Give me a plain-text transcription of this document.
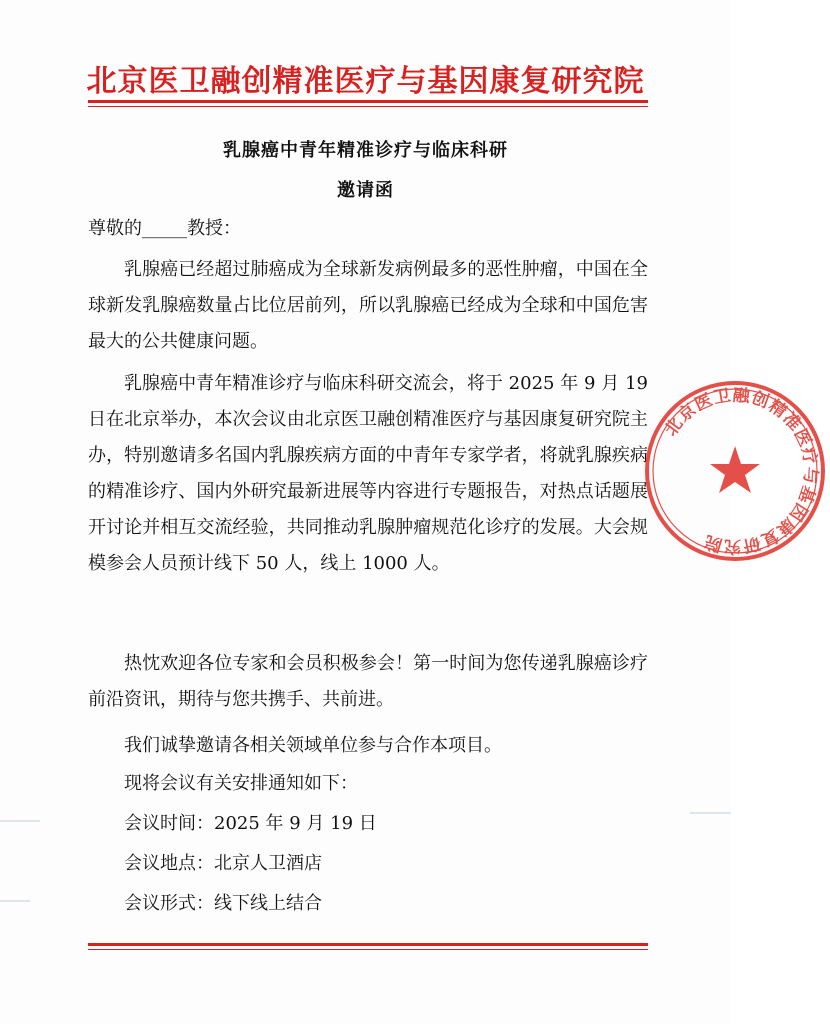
北京医卫融创精准医疗与基因康复研究院
乳腺癌中青年精准诊疗与临床科研
邀请函
尊敬的_____教授：

乳腺癌已经超过肺癌成为全球新发病例最多的恶性肿瘤，中国在全球新发乳腺癌数量占比位居前列，所以乳腺癌已经成为全球和中国危害最大的公共健康问题。

乳腺癌中青年精准诊疗与临床科研交流会，将于 2025 年 9 月 19 日在北京举办，本次会议由北京医卫融创精准医疗与基因康复研究院主办，特别邀请多名国内乳腺疾病方面的中青年专家学者，将就乳腺疾病的精准诊疗、国内外研究最新进展等内容进行专题报告，对热点话题展开讨论并相互交流经验，共同推动乳腺肿瘤规范化诊疗的发展。大会规模参会人员预计线下 50 人，线上 1000 人。

热忱欢迎各位专家和会员积极参会！第一时间为您传递乳腺癌诊疗前沿资讯，期待与您共携手、共前进。

我们诚挚邀请各相关领域单位参与合作本项目。

现将会议有关安排通知如下：

会议时间：2025 年 9 月 19 日

会议地点：北京人卫酒店

会议形式：线下线上结合

北京医卫融创精准医疗与基因康复研究院
